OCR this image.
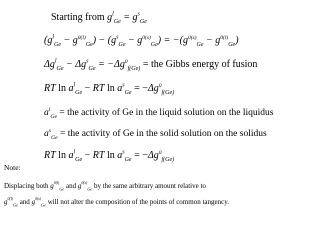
Starting from $g^l_{Ge} = g^s_{Ge}$
$(g^l_{Ge} - g^{0(l)}_{Ge}) - (g^s_{Ge} - g^{0(s)}_{Ge}) = -(g^{0(s)}_{Ge} - g^{0(l)}_{Ge})$
$\Delta g^l_{Ge} - \Delta g^s_{Ge} = -\Delta g^0_{f(Ge)}$ = the Gibbs energy of fusion
RT $\ln a^l_{Ge}$ − RT $\ln a^s_{Ge} = -\Delta g^0_{f(Ge)}$
$a^l_{Ge}$ = the activity of Ge in the liquid solution on the liquidus
$a^s_{Ge}$ = the activity of Ge in the solid solution on the solidus
RT $\ln a^l_{Ge}$ − RT $\ln a^s_{Ge} = -\Delta g^0_{f(Ge)}$
Note:
Displacing both $g^{0(l)}_{Ge}$ and $g^{0(s)}_{Ge}$ by the same arbitrary amount relative to
$g^{0(l)}_{Ge}$ and $g^{0(s)}_{Ge}$ will not alter the composition of the points of common tangency.
